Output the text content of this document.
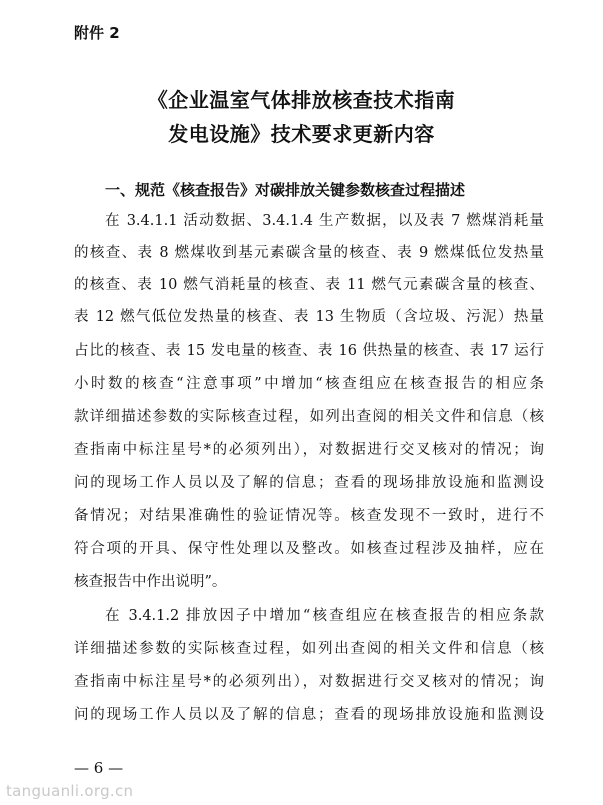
附件 2
《企业温室气体排放核查技术指南
发电设施》技术要求更新内容
一、规范《核查报告》对碳排放关键参数核查过程描述
在 3.4.1.1 活动数据、3.4.1.4 生产数据，以及表 7 燃煤消耗量
的核查、表 8 燃煤收到基元素碳含量的核查、表 9 燃煤低位发热量
的核查、表 10 燃气消耗量的核查、表 11 燃气元素碳含量的核查、
表 12 燃气低位发热量的核查、表 13 生物质（含垃圾、污泥）热量
占比的核查、表 15 发电量的核查、表 16 供热量的核查、表 17 运行
小时数的核查“注意事项”中增加“核查组应在核查报告的相应条
款详细描述参数的实际核查过程，如列出查阅的相关文件和信息（核
查指南中标注星号*的必须列出），对数据进行交叉核对的情况；询
问的现场工作人员以及了解的信息；查看的现场排放设施和监测设
备情况；对结果准确性的验证情况等。核查发现不一致时，进行不
符合项的开具、保守性处理以及整改。如核查过程涉及抽样，应在
核查报告中作出说明”。
在 3.4.1.2 排放因子中增加“核查组应在核查报告的相应条款
详细描述参数的实际核查过程，如列出查阅的相关文件和信息（核
查指南中标注星号*的必须列出），对数据进行交叉核对的情况；询
问的现场工作人员以及了解的信息；查看的现场排放设施和监测设
— 6 —
tanguanli.org.cn
